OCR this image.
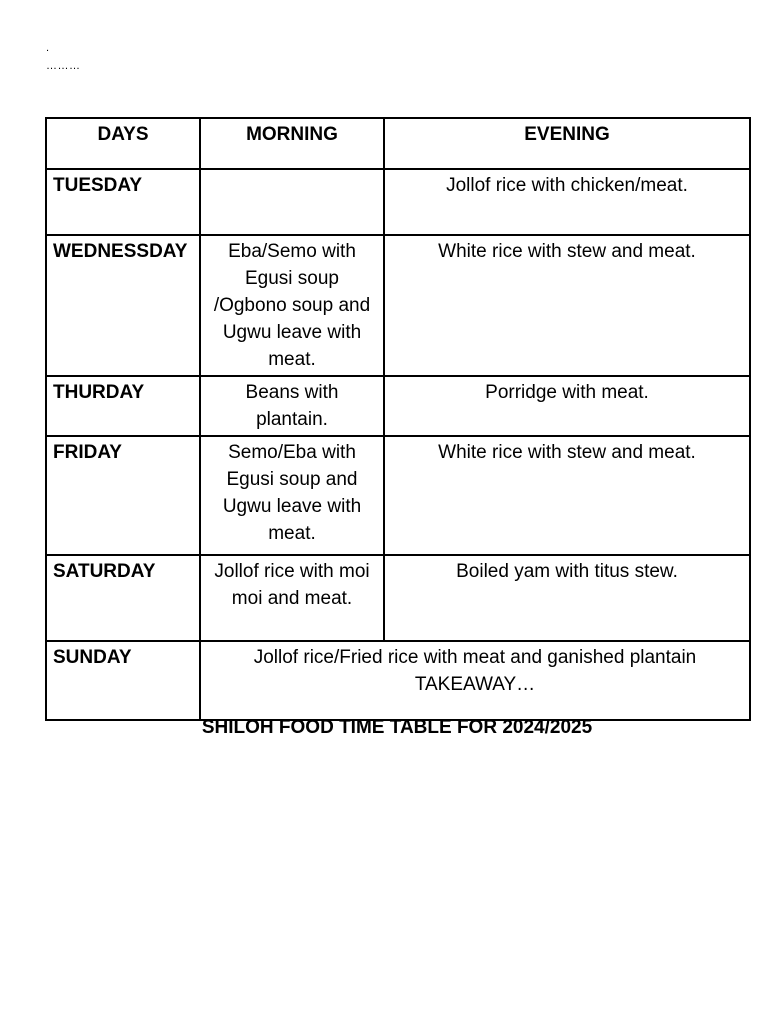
.
………
DAYS	MORNING	EVENING
TUESDAY		Jollof rice with chicken/meat.
WEDNESSDAY	Eba/Semo with Egusi soup /Ogbono soup and Ugwu leave with meat.	White rice with stew and meat.
THURDAY	Beans with plantain.	Porridge with meat.
FRIDAY	Semo/Eba with Egusi soup and Ugwu leave with meat.	White rice with stew and meat.
SATURDAY	Jollof rice with moi moi and meat.	Boiled yam with titus stew.
SUNDAY	Jollof rice/Fried rice with meat and ganished plantain TAKEAWAY…	
SHILOH FOOD TIME TABLE FOR 2024/2025
